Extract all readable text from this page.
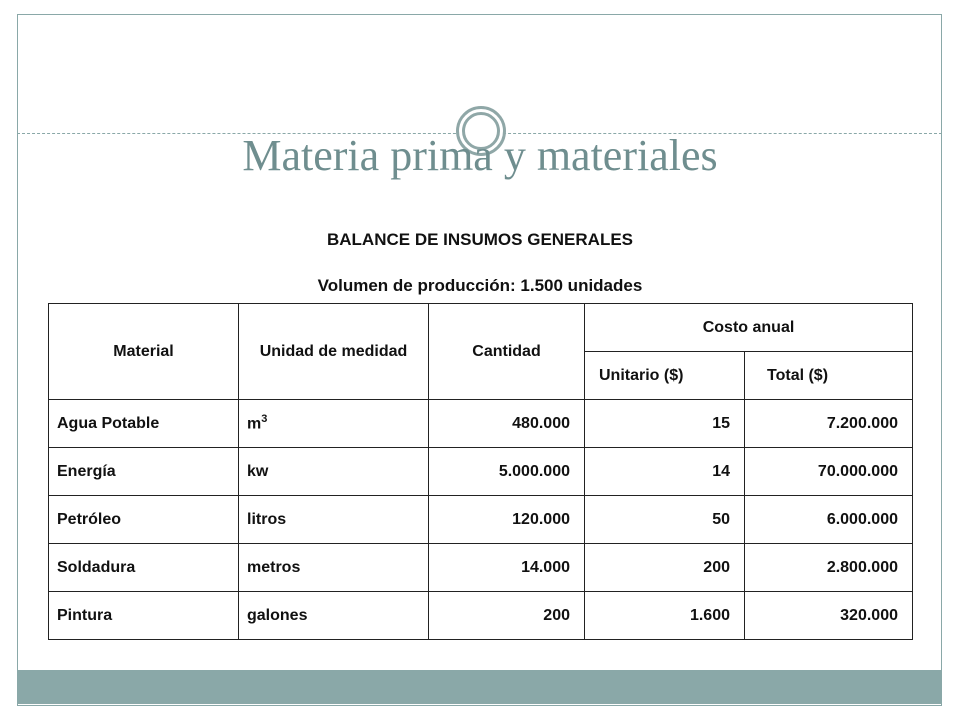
Materia prima y materiales
BALANCE DE INSUMOS GENERALES
Volumen de producción: 1.500 unidades
Material	Unidad de medidad	Cantidad	Costo anual	
			Unitario ($)	Total ($)
Agua Potable	$m^3$	480.000	15	7.200.000
Energía	kw	5.000.000	14	70.000.000
Petróleo	litros	120.000	50	6.000.000
Soldadura	metros	14.000	200	2.800.000
Pintura	galones	200	1.600	320.000
